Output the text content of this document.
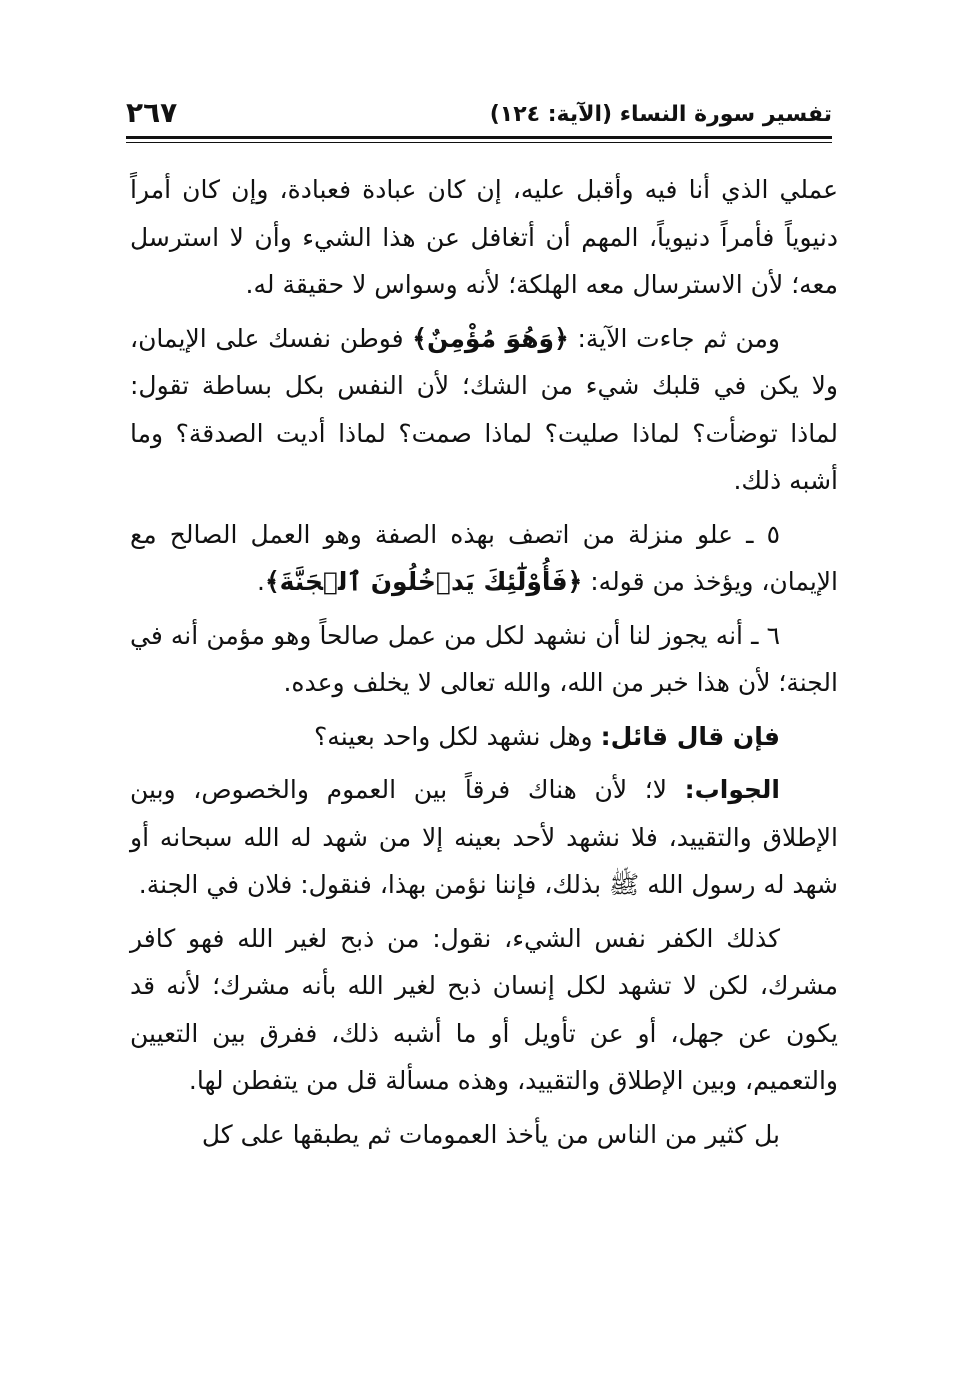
تفسير سورة النساء (الآية: ١٢٤)
٢٦٧

عملي الذي أنا فيه وأقبل عليه، إن كان عبادة فعبادة، وإن كان أمراً دنيوياً فأمراً دنيوياً، المهم أن أتغافل عن هذا الشيء وأن لا استرسل معه؛ لأن الاسترسال معه الهلكة؛ لأنه وسواس لا حقيقة له.

ومن ثم جاءت الآية: ﴿وَهُوَ مُؤْمِنٌ﴾ فوطن نفسك على الإيمان، ولا يكن في قلبك شيء من الشك؛ لأن النفس بكل بساطة تقول: لماذا توضأت؟ لماذا صليت؟ لماذا صمت؟ لماذا أديت الصدقة؟ وما أشبه ذلك.

٥ ـ علو منزلة من اتصف بهذه الصفة وهو العمل الصالح مع الإيمان، ويؤخذ من قوله: ﴿فَأُوْلَٰٓئِكَ يَدۡخُلُونَ ٱلۡجَنَّةَ﴾.

٦ ـ أنه يجوز لنا أن نشهد لكل من عمل صالحاً وهو مؤمن أنه في الجنة؛ لأن هذا خبر من الله، والله تعالى لا يخلف وعده.

فإن قال قائل: وهل نشهد لكل واحد بعينه؟

الجواب: لا؛ لأن هناك فرقاً بين العموم والخصوص، وبين الإطلاق والتقييد، فلا نشهد لأحد بعينه إلا من شهد له الله سبحانه أو شهد له رسول الله ﷺ بذلك، فإننا نؤمن بهذا، فنقول: فلان في الجنة.

كذلك الكفر نفس الشيء، نقول: من ذبح لغير الله فهو كافر مشرك، لكن لا تشهد لكل إنسان ذبح لغير الله بأنه مشرك؛ لأنه قد يكون عن جهل، أو عن تأويل أو ما أشبه ذلك، ففرق بين التعيين والتعميم، وبين الإطلاق والتقييد، وهذه مسألة قل من يتفطن لها.

بل كثير من الناس من يأخذ العمومات ثم يطبقها على كل
